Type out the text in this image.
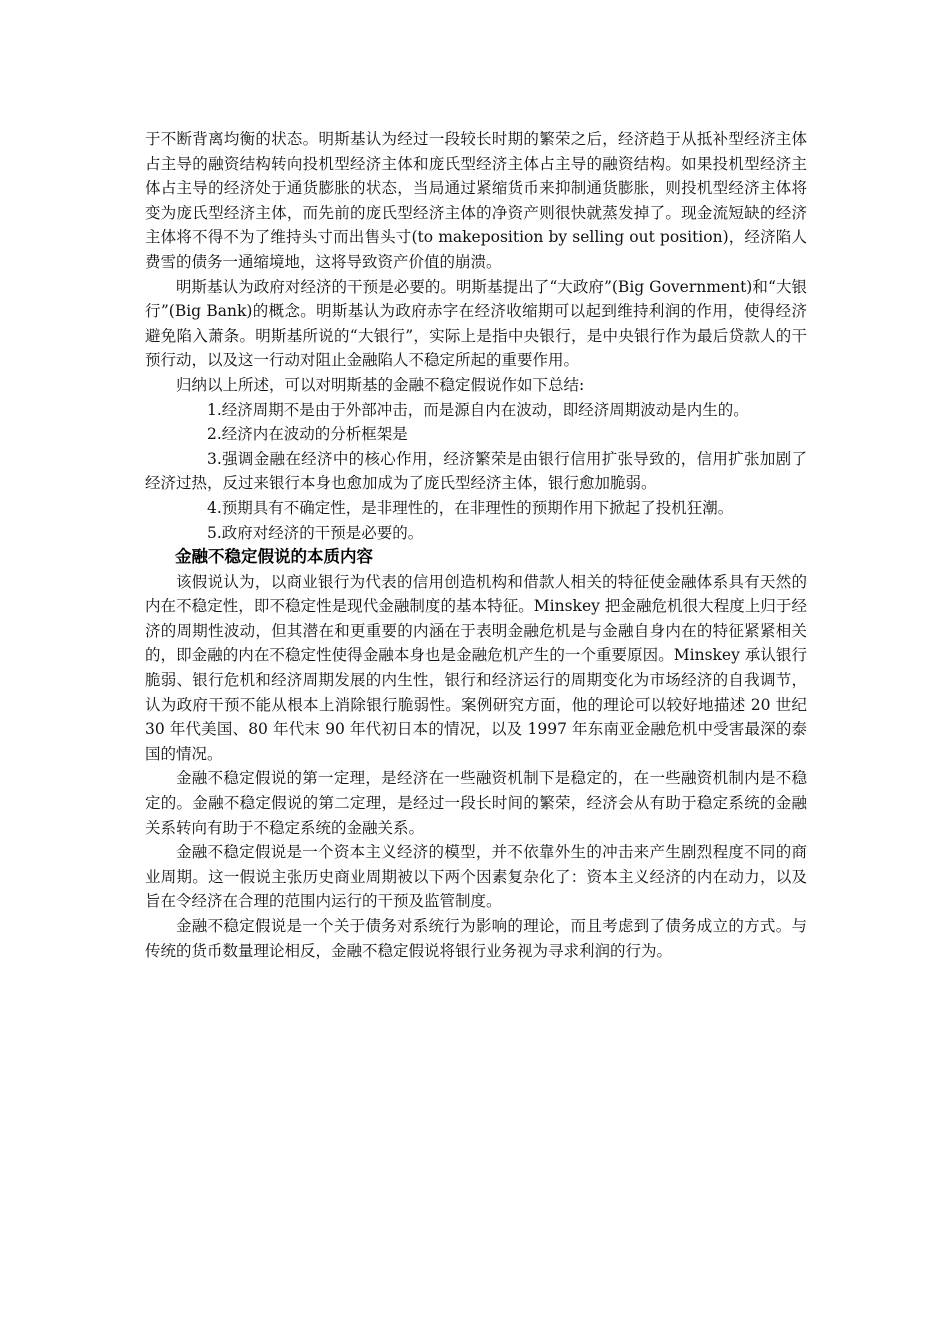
于不断背离均衡的状态。明斯基认为经过一段较长时期的繁荣之后，经济趋于从抵补型经济主体占主导的融资结构转向投机型经济主体和庞氏型经济主体占主导的融资结构。如果投机型经济主体占主导的经济处于通货膨胀的状态，当局通过紧缩货币来抑制通货膨胀，则投机型经济主体将变为庞氏型经济主体，而先前的庞氏型经济主体的净资产则很快就蒸发掉了。现金流短缺的经济主体将不得不为了维持头寸而出售头寸(to makeposition by selling out position)，经济陷人费雪的债务一通缩境地，这将导致资产价值的崩溃。

明斯基认为政府对经济的干预是必要的。明斯基提出了“大政府”(Big Government)和“大银行”(Big Bank)的概念。明斯基认为政府赤字在经济收缩期可以起到维持利润的作用，使得经济避免陷入萧条。明斯基所说的“大银行”，实际上是指中央银行，是中央银行作为最后贷款人的干预行动，以及这一行动对阻止金融陷人不稳定所起的重要作用。

归纳以上所述，可以对明斯基的金融不稳定假说作如下总结:

1.经济周期不是由于外部冲击，而是源自内在波动，即经济周期波动是内生的。

2.经济内在波动的分析框架是

3.强调金融在经济中的核心作用，经济繁荣是由银行信用扩张导致的，信用扩张加剧了经济过热，反过来银行本身也愈加成为了庞氏型经济主体，银行愈加脆弱。

4.预期具有不确定性，是非理性的，在非理性的预期作用下掀起了投机狂潮。

5.政府对经济的干预是必要的。

金融不稳定假说的本质内容

该假说认为，以商业银行为代表的信用创造机构和借款人相关的特征使金融体系具有天然的内在不稳定性，即不稳定性是现代金融制度的基本特征。Minskey 把金融危机很大程度上归于经济的周期性波动，但其潜在和更重要的内涵在于表明金融危机是与金融自身内在的特征紧紧相关的，即金融的内在不稳定性使得金融本身也是金融危机产生的一个重要原因。Minskey 承认银行脆弱、银行危机和经济周期发展的内生性，银行和经济运行的周期变化为市场经济的自我调节，认为政府干预不能从根本上消除银行脆弱性。案例研究方面，他的理论可以较好地描述 20 世纪 30 年代美国、80 年代末 90 年代初日本的情况，以及 1997 年东南亚金融危机中受害最深的泰国的情况。

金融不稳定假说的第一定理，是经济在一些融资机制下是稳定的，在一些融资机制内是不稳定的。金融不稳定假说的第二定理，是经过一段长时间的繁荣，经济会从有助于稳定系统的金融关系转向有助于不稳定系统的金融关系。

金融不稳定假说是一个资本主义经济的模型，并不依靠外生的冲击来产生剧烈程度不同的商业周期。这一假说主张历史商业周期被以下两个因素复杂化了：资本主义经济的内在动力，以及旨在令经济在合理的范围内运行的干预及监管制度。

金融不稳定假说是一个关于债务对系统行为影响的理论，而且考虑到了债务成立的方式。与传统的货币数量理论相反，金融不稳定假说将银行业务视为寻求利润的行为。
